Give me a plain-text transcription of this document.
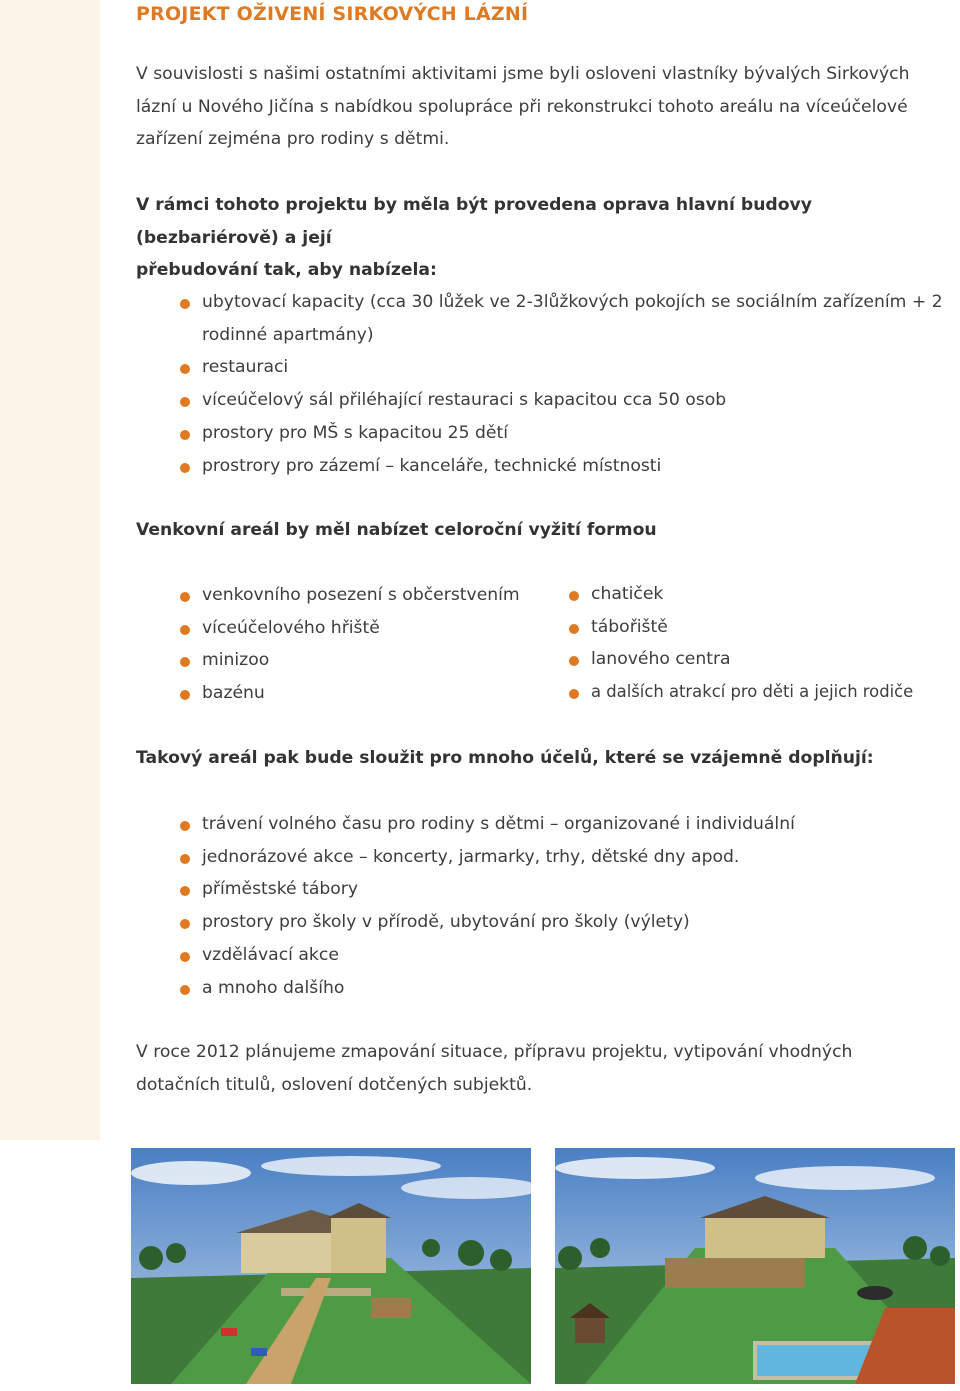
PROJEKT OŽIVENÍ SIRKOVÝCH LÁZNÍ
V souvislosti s našimi ostatními aktivitami jsme byli osloveni vlastníky bývalých Sirkových
lázní u Nového Jičína s nabídkou spolupráce při rekonstrukci tohoto areálu na víceúčelové
zařízení zejména pro rodiny s dětmi.
V rámci tohoto projektu by měla být provedena oprava hlavní budovy (bezbariérově) a její
přebudování tak, aby nabízela:
ubytovací kapacity (cca 30 lůžek ve 2-3lůžkových pokojích se sociálním zařízením + 2
rodinné apartmány)
restauraci
víceúčelový sál přiléhající restauraci s kapacitou cca 50 osob
prostory pro MŠ s kapacitou 25 dětí
prostrory pro zázemí – kanceláře, technické místnosti
Venkovní areál by měl nabízet celoroční vyžití formou
venkovního posezení s občerstvením
víceúčelového hřiště
minizoo
bazénu
chatiček
tábořiště
lanového centra
a dalších atrakcí pro děti a jejich rodiče
Takový areál pak bude sloužit pro mnoho účelů, které se vzájemně doplňují:
trávení volného času pro rodiny s dětmi – organizované i individuální
jednorázové akce – koncerty, jarmarky, trhy, dětské dny apod.
příměstské tábory
prostory pro školy v přírodě, ubytování pro školy (výlety)
vzdělávací akce
a mnoho dalšího
V roce 2012 plánujeme zmapování situace, přípravu projektu, vytipování vhodných
dotačních titulů, oslovení dotčených subjektů.
